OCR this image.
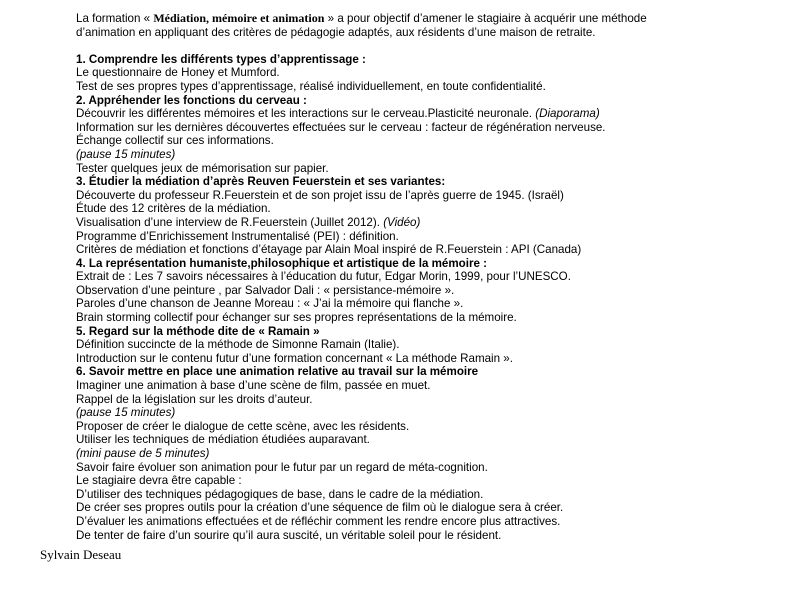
La formation « Médiation, mémoire et animation » a pour objectif d’amener le stagiaire à acquérir une méthode

d’animation en appliquant des critères de pédagogie adaptés, aux résidents d’une maison de retraite.

1. Comprendre les différents types d’apprentissage :

Le questionnaire de Honey et Mumford.

Test de ses propres types d’apprentissage, réalisé individuellement, en toute confidentialité.

2. Appréhender les fonctions du cerveau :

Découvrir les différentes mémoires et les interactions sur le cerveau.Plasticité neuronale. (Diaporama)

Information sur les dernières découvertes effectuées sur le cerveau : facteur de régénération nerveuse.

Échange collectif sur ces informations.

(pause 15 minutes)

Tester quelques jeux de mémorisation sur papier.

3. Étudier la médiation d’après Reuven Feuerstein et ses variantes:

Découverte du professeur R.Feuerstein et de son projet issu de l’après guerre de 1945. (Israël)

Étude des 12 critères de la médiation.

Visualisation d’une interview de R.Feuerstein (Juillet 2012). (Vidéo)

Programme d’Enrichissement Instrumentalisé (PEI) : définition.

Critères de médiation et fonctions d’étayage par Alain Moal inspiré de R.Feuerstein : API (Canada)

4. La représentation humaniste,philosophique et artistique de la mémoire :

Extrait de : Les 7 savoirs nécessaires à l’éducation du futur, Edgar Morin, 1999, pour l’UNESCO.

Observation d’une peinture , par Salvador Dali : « persistance-mémoire ».

Paroles d’une chanson de Jeanne Moreau : « J’ai la mémoire qui flanche ».

Brain storming collectif pour échanger sur ses propres représentations de la mémoire.

5. Regard sur la méthode dite de « Ramain »

Définition succincte de la méthode de Simonne Ramain (Italie).

Introduction sur le contenu futur d’une formation concernant « La méthode Ramain ».

6. Savoir mettre en place une animation relative au travail sur la mémoire

Imaginer une animation à base d’une scène de film, passée en muet.

Rappel de la législation sur les droits d’auteur.

(pause 15 minutes)

Proposer de créer le dialogue de cette scène, avec les résidents.

Utiliser les techniques de médiation étudiées auparavant.

(mini pause de 5 minutes)

Savoir faire évoluer son animation pour le futur par un regard de méta-cognition.

Le stagiaire devra être capable :

D’utiliser des techniques pédagogiques de base, dans le cadre de la médiation.

De créer ses propres outils pour la création d’une séquence de film où le dialogue sera à créer.

D’évaluer les animations effectuées et de réfléchir comment les rendre encore plus attractives.

De tenter de faire d’un sourire qu’il aura suscité, un véritable soleil pour le résident.

Sylvain Deseau
